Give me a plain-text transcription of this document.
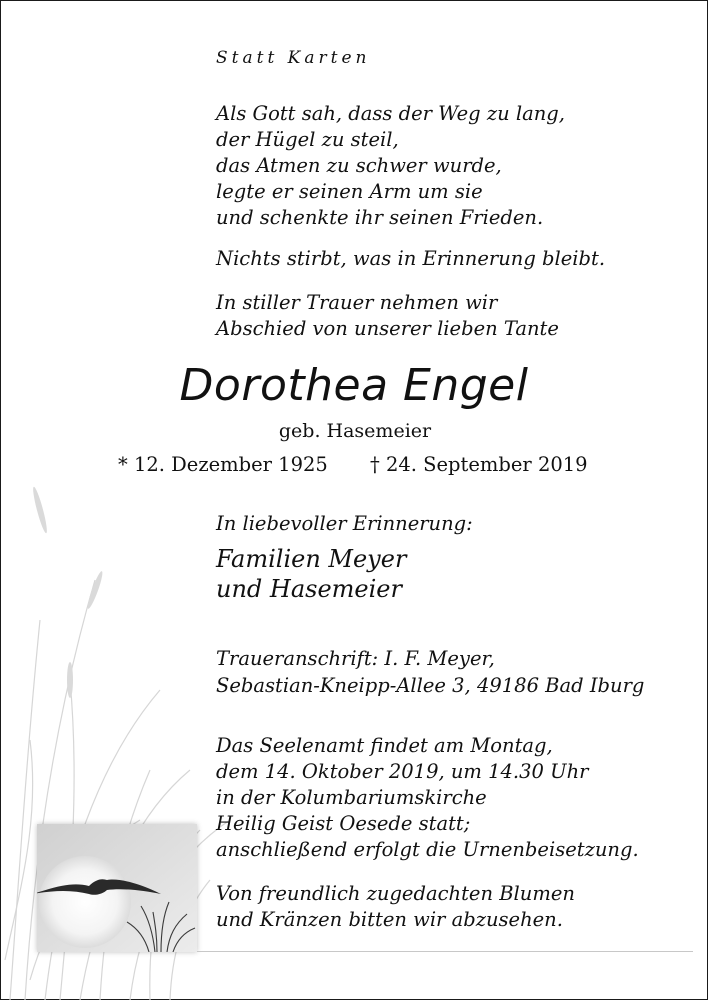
Statt Karten
Als Gott sah, dass der Weg zu lang,
der Hügel zu steil,
das Atmen zu schwer wurde,
legte er seinen Arm um sie
und schenkte ihr seinen Frieden.
Nichts stirbt, was in Erinnerung bleibt.
In stiller Trauer nehmen wir
Abschied von unserer lieben Tante
Dorothea Engel
geb. Hasemeier
* 12. Dezember 1925 † 24. September 2019
In liebevoller Erinnerung:
Familien Meyer
und Hasemeier
Traueranschrift: I. F. Meyer,
Sebastian-Kneipp-Allee 3, 49186 Bad Iburg
Das Seelenamt findet am Montag,
dem 14. Oktober 2019, um 14.30 Uhr
in der Kolumbariumskirche
Heilig Geist Oesede statt;
anschließend erfolgt die Urnenbeisetzung.
Von freundlich zugedachten Blumen
und Kränzen bitten wir abzusehen.
